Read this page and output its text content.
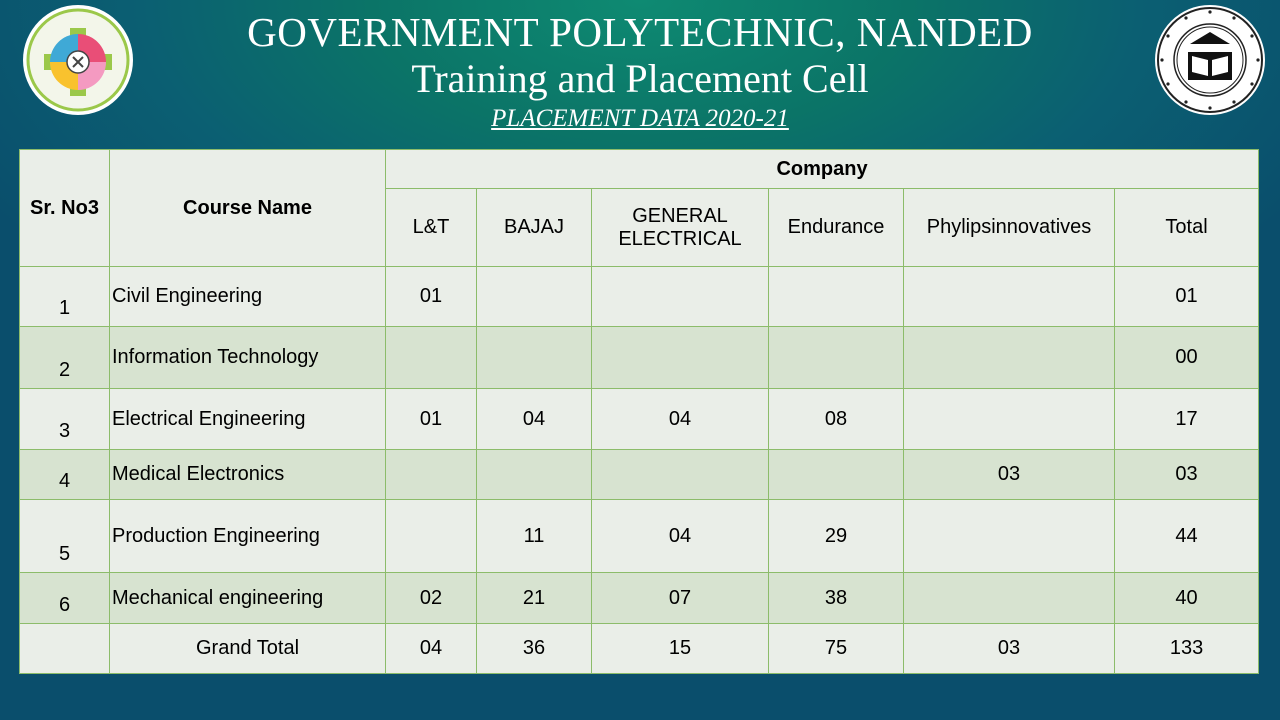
GOVERNMENT POLYTECHNIC, NANDED
Training and Placement Cell
PLACEMENT DATA 2020-21
Sr. No3	Course Name	Company					
		L&T	BAJAJ	GENERAL ELECTRICAL	Endurance	Phylipsinnovatives	Total
1	Civil Engineering	01					01
2	Information Technology						00
3	Electrical Engineering	01	04	04	08		17
4	Medical Electronics					03	03
5	Production Engineering		11	04	29		44
6	Mechanical engineering	02	21	07	38		40
	Grand Total	04	36	15	75	03	133
